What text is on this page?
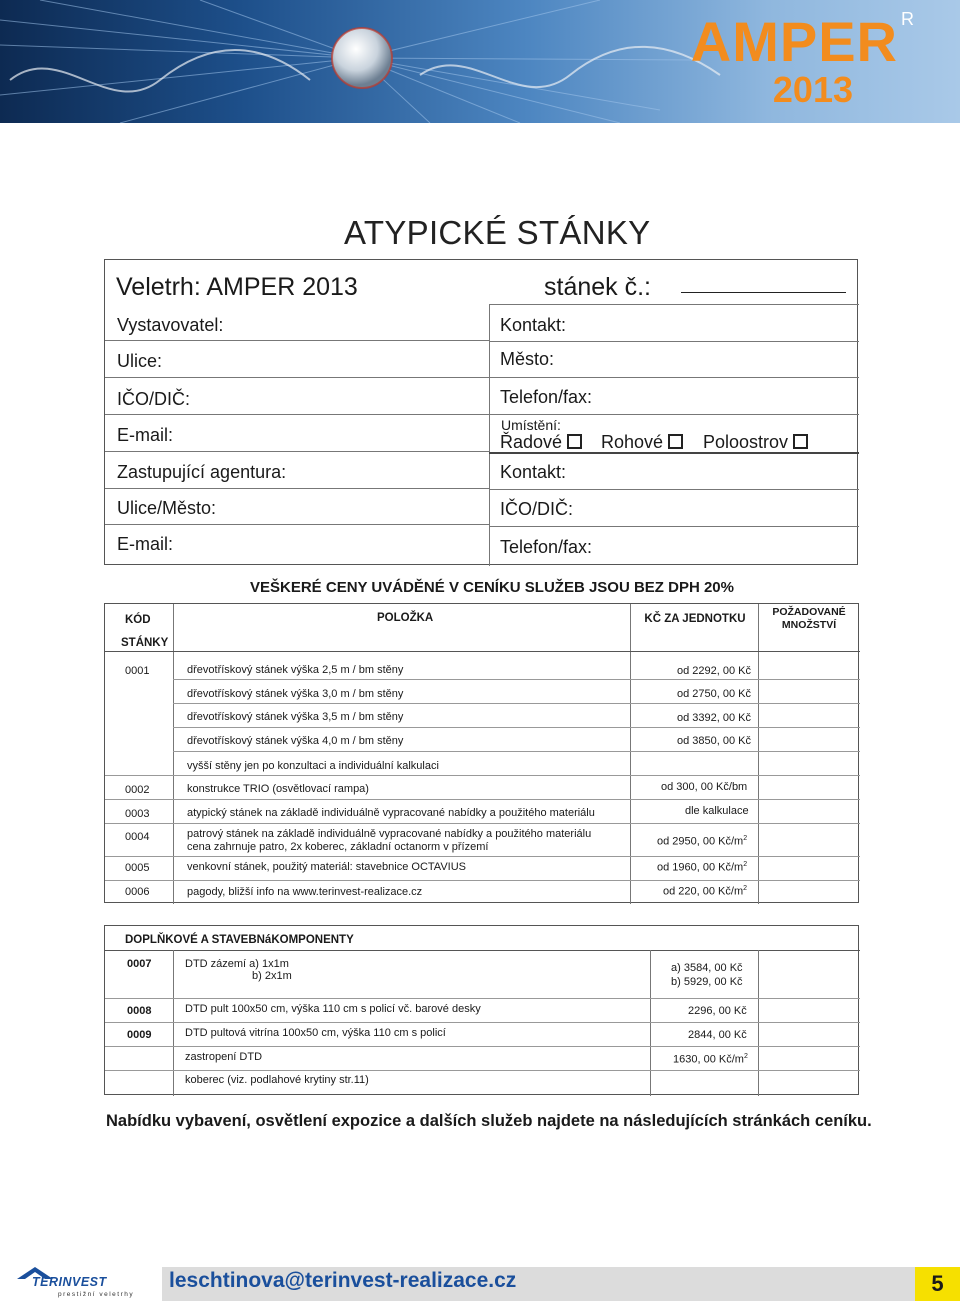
AMPER R
2013
ATYPICKÉ STÁNKY
Veletrh: AMPER 2013	stánek č.:
Vystavovatel:
Ulice:
IČO/DIČ:
E-mail:
Zastupující agentura:
Ulice/Město:
E-mail:
Kontakt:
Město:
Telefon/fax:
Umístění:
Řadové	Rohové	Poloostrov
Kontakt:
IČO/DIČ:
Telefon/fax:
VEŠKERÉ CENY UVÁDĚNÉ V CENÍKU SLUŽEB JSOU BEZ DPH 20%
KÓD
STÁNKY
POLOŽKA	KČ ZA JEDNOTKU
POŽADOVANÉ
MNOŽSTVÍ
0001	dřevotřískový stánek výška 2,5 m / bm stěny	od 2292, 00 Kč
dřevotřískový stánek výška 3,0 m / bm stěny	od 2750, 00 Kč
dřevotřískový stánek výška 3,5 m / bm stěny	od 3392, 00 Kč
dřevotřískový stánek výška 4,0 m / bm stěny	od 3850, 00 Kč
vyšší stěny jen po konzultaci a individuální kalkulaci
0002	konstrukce TRIO (osvětlovací rampa)	od 300, 00 Kč/bm
0003	atypický stánek na základě individuálně vypracované nabídky a použitého materiálu	dle kalkulace
0004	patrový stánek na základě individuálně vypracované nabídky a použitého materiálu
cena zahrnuje patro, 2x koberec, základní octanorm v přízemí	od 2950, 00 $Kč/m^2$
0005	venkovní stánek, použitý materiál: stavebnice OCTAVIUS	od 1960, 00 $Kč/m^2$
0006	pagody, bližší info na www.terinvest-realizace.cz	od 220, 00 $Kč/m^2$
DOPLŇKOVÉ A STAVEBNáKOMPONENTY
0007	DTD zázemí a) 1x1m
b) 2x1m
a) 3584, 00 Kč
b) 5929, 00 Kč
0008	DTD pult 100x50 cm, výška 110 cm s policí vč. barové desky	2296, 00 Kč
0009	DTD pultová vitrína 100x50 cm, výška 110 cm s policí	2844, 00 Kč
zastropení DTD	1630, 00 $Kč/m^2$
koberec (viz. podlahové krytiny str.11)
Nabídku vybavení, osvětlení expozice a dalších služeb najdete na následujících stránkách ceníku.
TERINVEST
prestižní veletrhy
leschtinova@terinvest-realizace.cz	5
